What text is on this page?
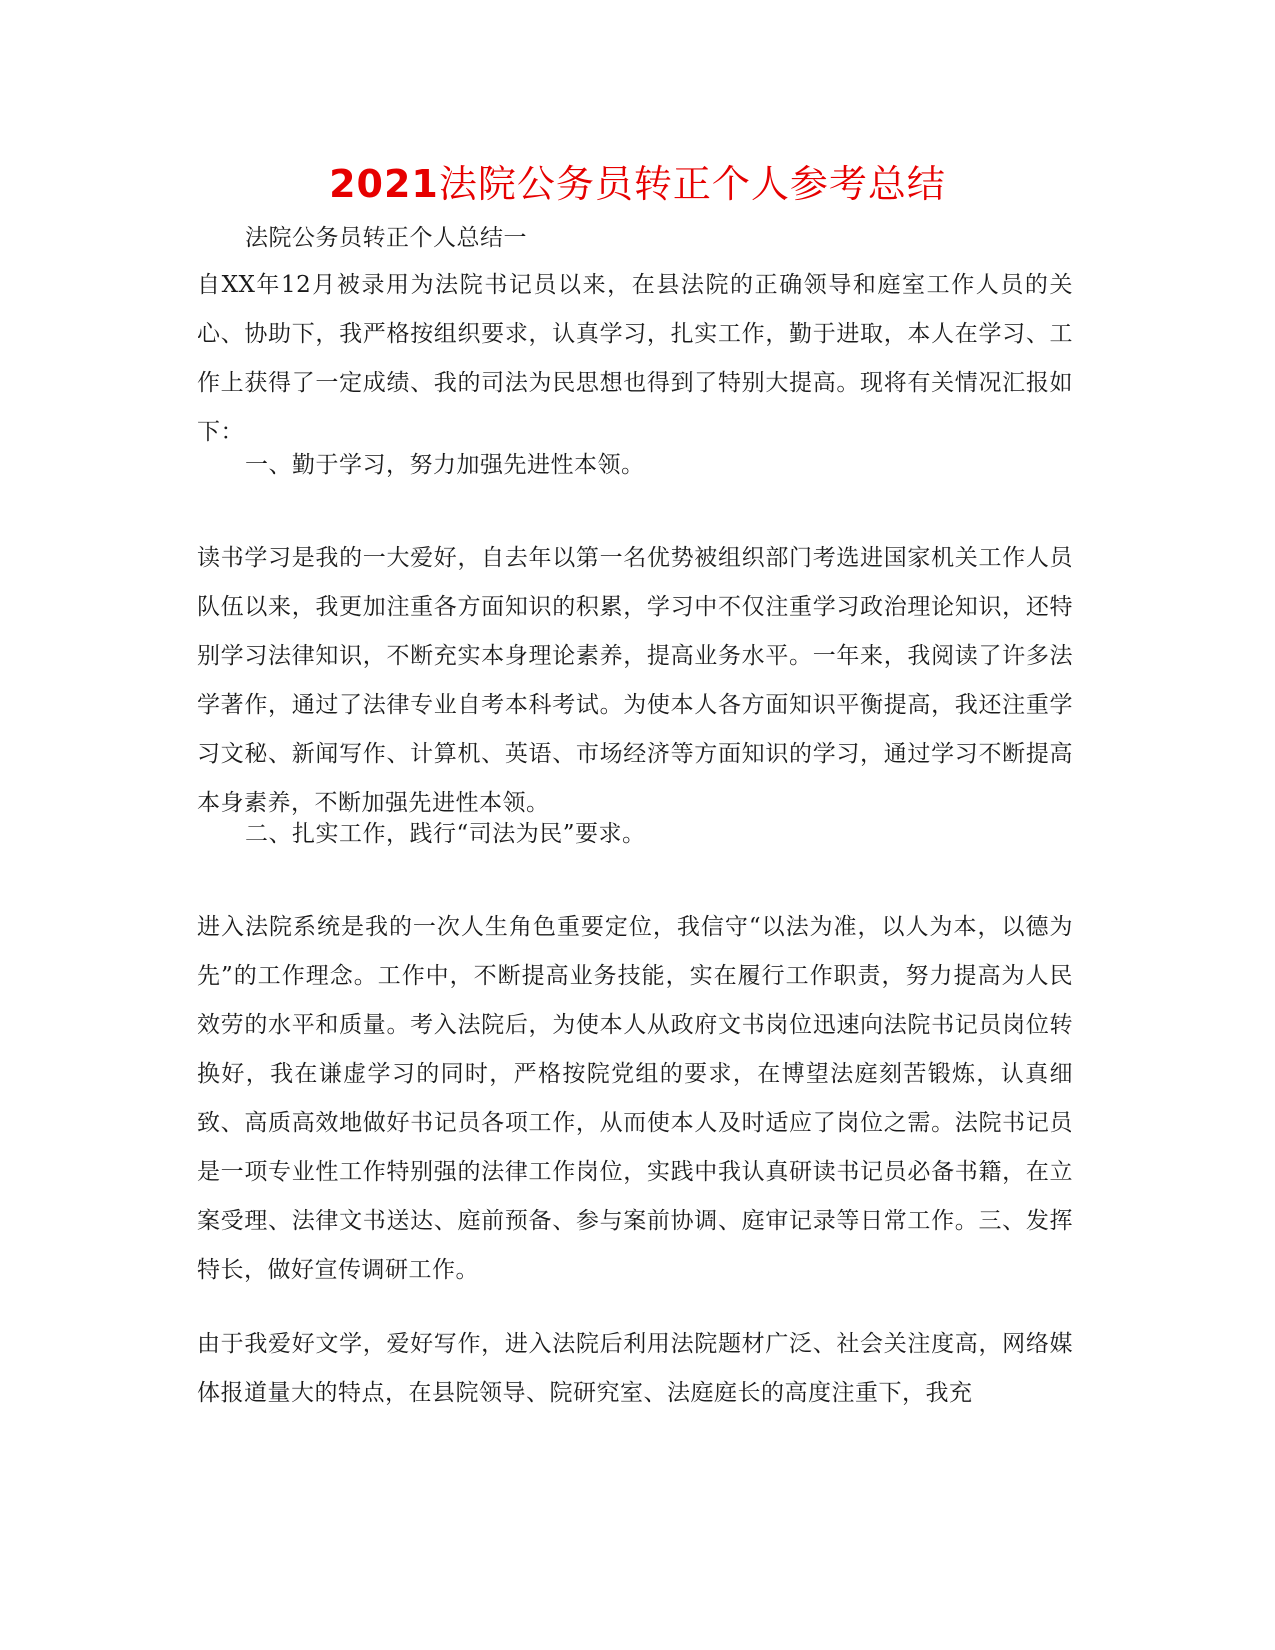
2021法院公务员转正个人参考总结

法院公务员转正个人总结一

自XX年12月被录用为法院书记员以来，在县法院的正确领导和庭室工作人员的关心、协助下，我严格按组织要求，认真学习，扎实工作，勤于进取，本人在学习、工作上获得了一定成绩、我的司法为民思想也得到了特别大提高。现将有关情况汇报如下：

一、勤于学习，努力加强先进性本领。

读书学习是我的一大爱好，自去年以第一名优势被组织部门考选进国家机关工作人员队伍以来，我更加注重各方面知识的积累，学习中不仅注重学习政治理论知识，还特别学习法律知识，不断充实本身理论素养，提高业务水平。一年来，我阅读了许多法学著作，通过了法律专业自考本科考试。为使本人各方面知识平衡提高，我还注重学习文秘、新闻写作、计算机、英语、市场经济等方面知识的学习，通过学习不断提高本身素养，不断加强先进性本领。

二、扎实工作，践行“司法为民”要求。

进入法院系统是我的一次人生角色重要定位，我信守“以法为准，以人为本，以德为先”的工作理念。工作中，不断提高业务技能，实在履行工作职责，努力提高为人民效劳的水平和质量。考入法院后，为使本人从政府文书岗位迅速向法院书记员岗位转换好，我在谦虚学习的同时，严格按院党组的要求，在博望法庭刻苦锻炼，认真细致、高质高效地做好书记员各项工作，从而使本人及时适应了岗位之需。法院书记员是一项专业性工作特别强的法律工作岗位，实践中我认真研读书记员必备书籍，在立案受理、法律文书送达、庭前预备、参与案前协调、庭审记录等日常工作。三、发挥特长，做好宣传调研工作。

由于我爱好文学，爱好写作，进入法院后利用法院题材广泛、社会关注度高，网络媒体报道量大的特点，在县院领导、院研究室、法庭庭长的高度注重下，我充
